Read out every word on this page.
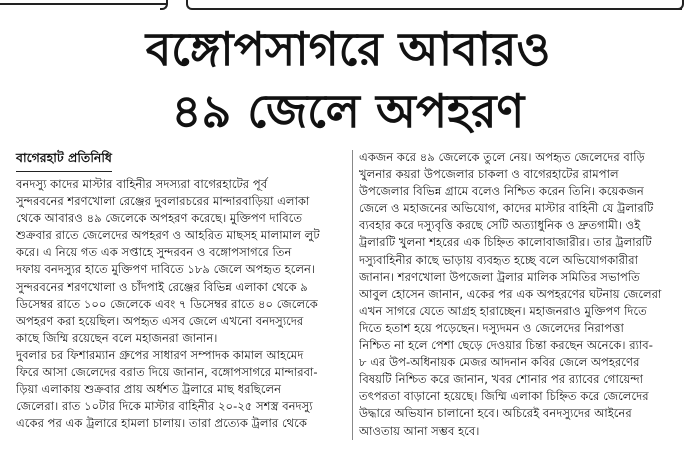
বঙ্গোপসাগরে আবারও
৪৯ জেলে অপহরণ
বাগেরহাট প্রতিনিধি

বনদস্যু কাদের মাস্টার বাহিনীর সদস্যরা বাগেরহাটের পূর্ব

সুন্দরবনের শরণখোলা রেঞ্জের দুবলারচরের মান্দারবাড়িয়া এলাকা

থেকে আবারও ৪৯ জেলেকে অপহরণ করেছে। মুক্তিপণ দাবিতে

শুক্রবার রাতে জেলেদের অপহরণ ও আহরিত মাছসহ মালামাল লুট

করে। এ নিয়ে গত এক সপ্তাহে সুন্দরবন ও বঙ্গোপসাগরে তিন

দফায় বনদস্যুর হাতে মুক্তিপণ দাবিতে ১৮৯ জেলে অপহৃত হলেন।

সুন্দরবনের শরণখোলা ও চাঁদপাই রেঞ্জের বিভিন্ন এলাকা থেকে ৯

ডিসেম্বর রাতে ১০০ জেলেকে এবং ৭ ডিসেম্বর রাতে ৪০ জেলেকে

অপহরণ করা হয়েছিল। অপহৃত এসব জেলে এখনো বনদস্যুদের

কাছে জিম্মি রয়েছেন বলে মহাজনরা জানান।

দুবলার চর ফিশারম্যান গ্রুপের সাধারণ সম্পাদক কামাল আহমেদ

ফিরে আসা জেলেদের বরাত দিয়ে জানান, বঙ্গোপসাগরে মান্দারবা-

ড়িয়া এলাকায় শুক্রবার প্রায় অর্ধশত ট্রলারে মাছ ধরছিলেন

জেলেরা। রাত ১০টার দিকে মাস্টার বাহিনীর ২০-২৫ সশস্ত্র বনদস্যু

একের পর এক ট্রলারে হামলা চালায়। তারা প্রত্যেক ট্রলার থেকে

একজন করে ৪৯ জেলেকে তুলে নেয়। অপহৃত জেলেদের বাড়ি

খুলনার কয়রা উপজেলার চাকলা ও বাগেরহাটের রামপাল

উপজেলার বিভিন্ন গ্রামে বলেও নিশ্চিত করেন তিনি। কয়েকজন

জেলে ও মহাজনের অভিযোগ, কাদের মাস্টার বাহিনী যে ট্রলারটি

ব্যবহার করে দস্যুবৃত্তি করছে সেটি অত্যাধুনিক ও দ্রুতগামী। ওই

ট্রলারটি খুলনা শহরের এক চিহ্নিত কালোবাজারীর। তার ট্রলারটি

দস্যুবাহিনীর কাছে ভাড়ায় ব্যবহৃত হচ্ছে বলে অভিযোগকারীরা

জানান। শরণখোলা উপজেলা ট্রলার মালিক সমিতির সভাপতি

আবুল হোসেন জানান, একের পর এক অপহরণের ঘটনায় জেলেরা

এখন সাগরে যেতে আগ্রহ হারাচ্ছেন। মহাজনরাও মুক্তিপণ দিতে

দিতে হতাশ হয়ে পড়েছেন। দস্যুদমন ও জেলেদের নিরাপত্তা

নিশ্চিত না হলে পেশা ছেড়ে দেওয়ার চিন্তা করছেন অনেকে। র‍্যাব-

৮ এর উপ-অধিনায়ক মেজর আদনান কবির জেলে অপহরণের

বিষয়টি নিশ্চিত করে জানান, খবর শোনার পর র‍্যাবের গোয়েন্দা

তৎপরতা বাড়ানো হয়েছে। জিম্মি এলাকা চিহ্নিত করে জেলেদের

উদ্ধারে অভিযান চালানো হবে। অচিরেই বনদস্যুদের আইনের

আওতায় আনা সম্ভব হবে।
